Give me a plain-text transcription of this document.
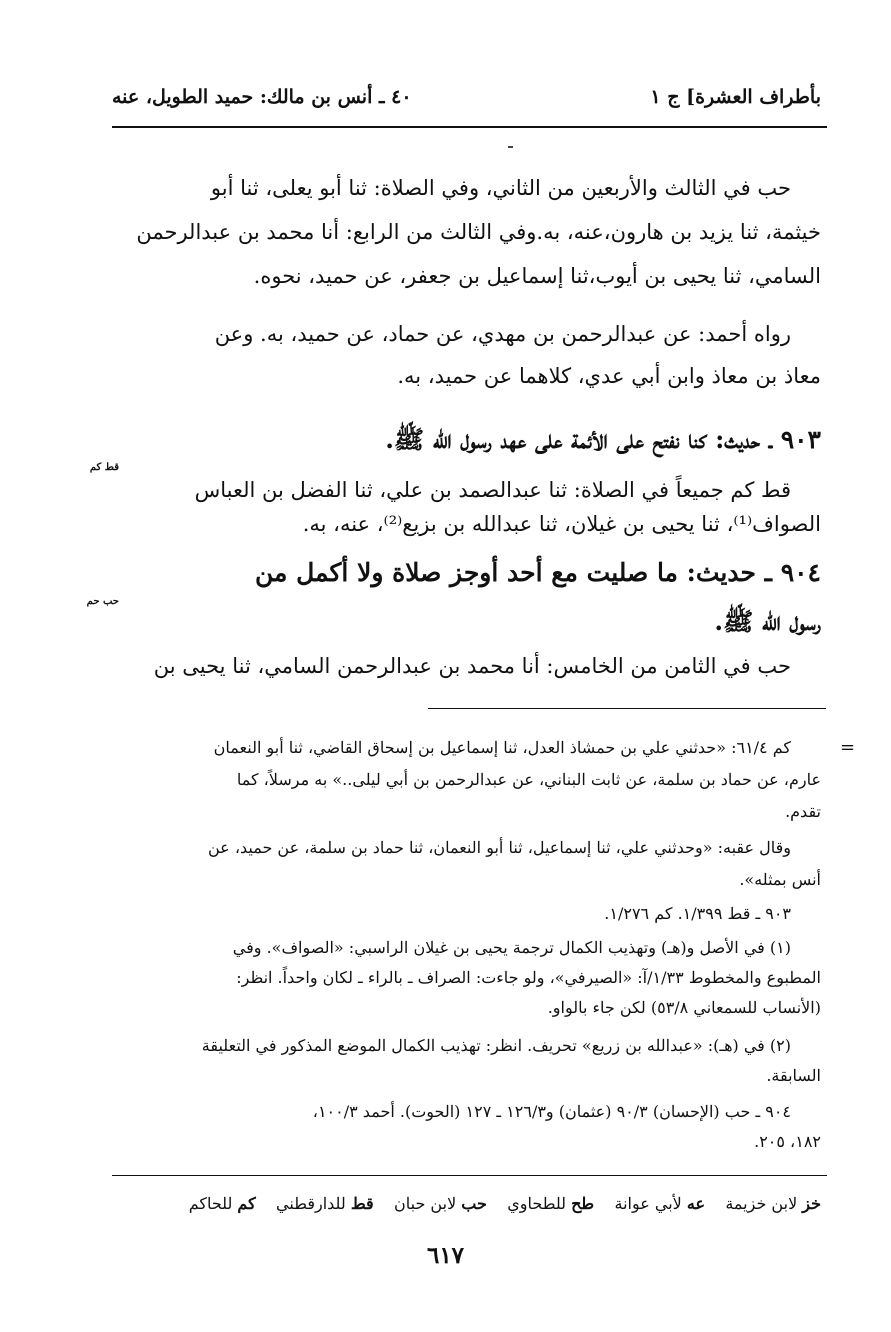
بأطراف العشرة] ج ١
٤٠ ـ أنس بن مالك: حميد الطويل، عنه
حب في الثالث والأربعين من الثاني، وفي الصلاة: ثنا أبو يعلى، ثنا أبو
خيثمة، ثنا يزيد بن هارون،عنه، به.وفي الثالث من الرابع: أنا محمد بن عبدالرحمن
السامي، ثنا يحيى بن أيوب،ثنا إسماعيل بن جعفر، عن حميد، نحوه.
رواه أحمد: عن عبدالرحمن بن مهدي، عن حماد، عن حميد، به. وعن
معاذ بن معاذ وابن أبي عدي، كلاهما عن حميد، به.
٩٠٣ ـ حديث: كنا نفتح على الأئمة على عهد رسول الله ﷺ.
قط كم
قط كم جميعاً في الصلاة: ثنا عبدالصمد بن علي، ثنا الفضل بن العباس
الصواف⁽¹⁾، ثنا يحيى بن غيلان، ثنا عبدالله بن بزيع⁽²⁾، عنه، به.
٩٠٤ ـ حديث: ما صليت مع أحد أوجز صلاة ولا أكمل من
حب حم
رسول الله ﷺ.
حب في الثامن من الخامس: أنا محمد بن عبدالرحمن السامي، ثنا يحيى بن
=
كم ٦١/٤: «حدثني علي بن حمشاذ العدل، ثنا إسماعيل بن إسحاق القاضي، ثنا أبو النعمان
عارم، عن حماد بن سلمة، عن ثابت البناني، عن عبدالرحمن بن أبي ليلى..» به مرسلاً، كما
تقدم.
وقال عقبه: «وحدثني علي، ثنا إسماعيل، ثنا أبو النعمان، ثنا حماد بن سلمة، عن حميد، عن
أنس بمثله».
٩٠٣ ـ قط ١/٣٩٩. كم ١/٢٧٦.
(١) في الأصل و(هـ) وتهذيب الكمال ترجمة يحيى بن غيلان الراسبي: «الصواف». وفي
المطبوع والمخطوط ١/٣٣/آ: «الصيرفي»، ولو جاءت: الصراف ـ بالراء ـ لكان واحداً. انظر:
(الأنساب للسمعاني ٥٣/٨) لكن جاء بالواو.
(٢) في (هـ): «عبدالله بن زريع» تحريف. انظر: تهذيب الكمال الموضع المذكور في التعليقة
السابقة.
٩٠٤ ـ حب (الإحسان) ٩٠/٣ (عثمان) و١٢٦/٣ ـ ١٢٧ (الحوت). أحمد ١٠٠/٣،
١٨٢، ٢٠٥.
خز لابن خزيمة    عه لأبي عوانة    طح للطحاوي    حب لابن حبان    قط للدارقطني    كم للحاكم
٦١٧
